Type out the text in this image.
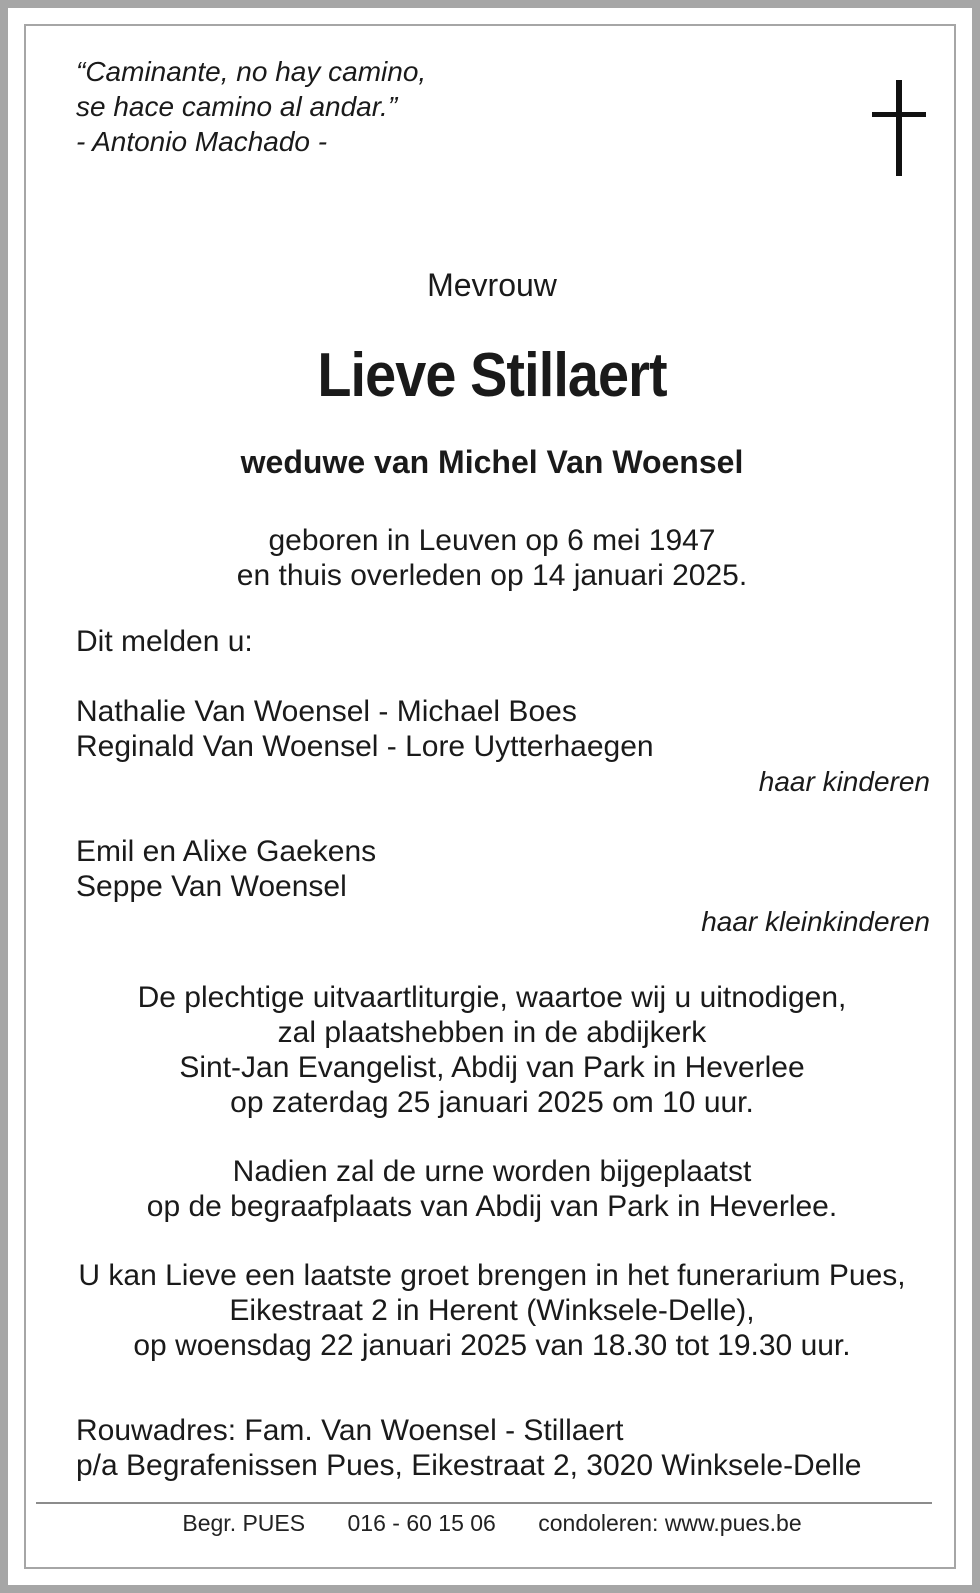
“Caminante, no hay camino,
se hace camino al andar.”
- Antonio Machado -
Mevrouw
Lieve Stillaert
weduwe van Michel Van Woensel
geboren in Leuven op 6 mei 1947
en thuis overleden op 14 januari 2025.
Dit melden u:
Nathalie Van Woensel - Michael Boes
Reginald Van Woensel - Lore Uytterhaegen
haar kinderen
Emil en Alixe Gaekens
Seppe Van Woensel
haar kleinkinderen
De plechtige uitvaartliturgie, waartoe wij u uitnodigen,
zal plaatshebben in de abdijkerk
Sint-Jan Evangelist, Abdij van Park in Heverlee
op zaterdag 25 januari 2025 om 10 uur.
Nadien zal de urne worden bijgeplaatst
op de begraafplaats van Abdij van Park in Heverlee.
U kan Lieve een laatste groet brengen in het funerarium Pues,
Eikestraat 2 in Herent (Winksele-Delle),
op woensdag 22 januari 2025 van 18.30 tot 19.30 uur.
Rouwadres: Fam. Van Woensel - Stillaert
p/a Begrafenissen Pues, Eikestraat 2, 3020 Winksele-Delle
Begr. PUES 016 - 60 15 06 condoleren: www.pues.be
